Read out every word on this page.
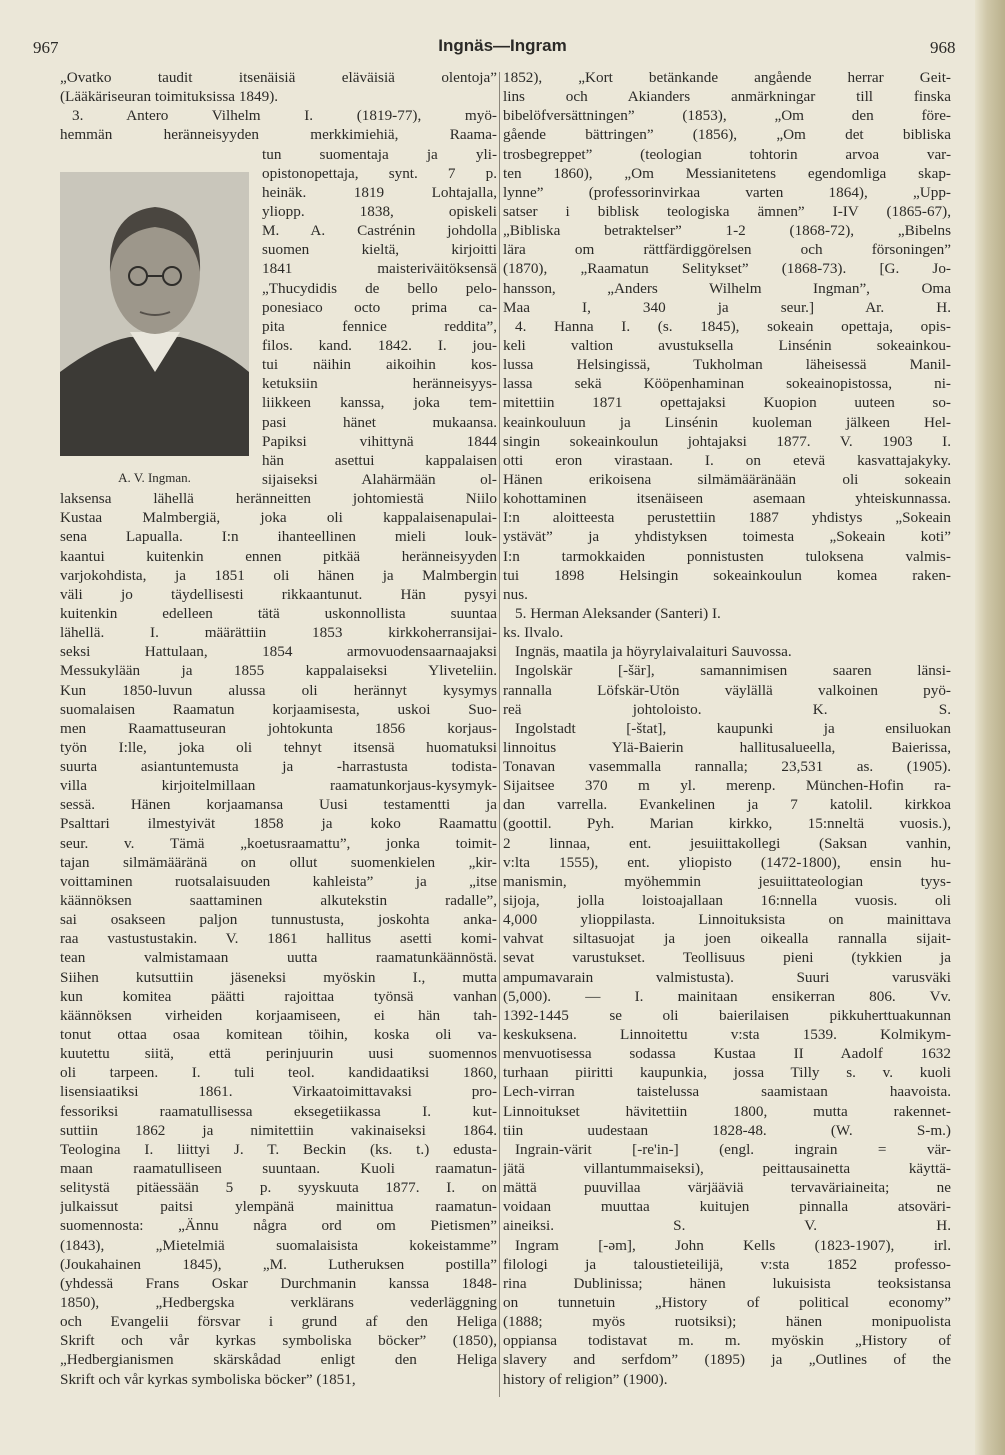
967	Ingnäs—Ingram	968
A. V. Ingman.
„Ovatko taudit itsenäisiä eläväisiä olentoja”
(Lääkäriseuran toimituksissa 1849).
3. Antero Vilhelm I. (1819-77), myö-
hemmän heränneisyyden merkkimiehiä, Raama-
tun suomentaja ja yli-
opistonopettaja, synt. 7 p.
heinäk. 1819 Lohtajalla,
yliopp. 1838, opiskeli
M. A. Castrénin johdolla
suomen kieltä, kirjoitti
1841 maisteriväitöksensä
„Thucydidis de bello pelo-
ponesiaco octo prima ca-
pita fennice reddita”,
filos. kand. 1842. I. jou-
tui näihin aikoihin kos-
ketuksiin heränneisyys-
liikkeen kanssa, joka tem-
pasi hänet mukaansa.
Papiksi vihittynä 1844
hän asettui kappalaisen
sijaiseksi Alahärmään ol-
laksensa lähellä heränneitten johtomiestä Niilo
Kustaa Malmbergiä, joka oli kappalaisenapulai-
sena Lapualla. I:n ihanteellinen mieli louk-
kaantui kuitenkin ennen pitkää heränneisyyden
varjokohdista, ja 1851 oli hänen ja Malmbergin
väli jo täydellisesti rikkaantunut. Hän pysyi
kuitenkin edelleen tätä uskonnollista suuntaa
lähellä. I. määrättiin 1853 kirkkoherransijai-
seksi Hattulaan, 1854 armovuodensaarnaajaksi
Messukylään ja 1855 kappalaiseksi Yliveteliin.
Kun 1850-luvun alussa oli herännyt kysymys
suomalaisen Raamatun korjaamisesta, uskoi Suo-
men Raamattuseuran johtokunta 1856 korjaus-
työn I:lle, joka oli tehnyt itsensä huomatuksi
suurta asiantuntemusta ja -harrastusta todista-
villa kirjoitelmillaan raamatunkorjaus-kysymyk-
sessä. Hänen korjaamansa Uusi testamentti ja
Psalttari ilmestyivät 1858 ja koko Raamattu
seur. v. Tämä „koetusraamattu”, jonka toimit-
tajan silmämääränä on ollut suomenkielen „kir-
voittaminen ruotsalaisuuden kahleista” ja „itse
käännöksen saattaminen alkutekstin radalle”,
sai osakseen paljon tunnustusta, joskohta anka-
raa vastustustakin. V. 1861 hallitus asetti komi-
tean valmistamaan uutta raamatunkäännöstä.
Siihen kutsuttiin jäseneksi myöskin I., mutta
kun komitea päätti rajoittaa työnsä vanhan
käännöksen virheiden korjaamiseen, ei hän tah-
tonut ottaa osaa komitean töihin, koska oli va-
kuutettu siitä, että perinjuurin uusi suomennos
oli tarpeen. I. tuli teol. kandidaatiksi 1860,
lisensiaatiksi 1861. Virkaatoimittavaksi pro-
fessoriksi raamatullisessa eksegetiikassa I. kut-
suttiin 1862 ja nimitettiin vakinaiseksi 1864.
Teologina I. liittyi J. T. Beckin (ks. t.) edusta-
maan raamatulliseen suuntaan. Kuoli raamatun-
selitystä pitäessään 5 p. syyskuuta 1877. I. on
julkaissut paitsi ylempänä mainittua raamatun-
suomennosta: „Ännu några ord om Pietismen”
(1843), „Mietelmiä suomalaisista kokeistamme”
(Joukahainen 1845), „M. Lutheruksen postilla”
(yhdessä Frans Oskar Durchmanin kanssa 1848-
1850), „Hedbergska verklärans vederläggning
och Evangelii försvar i grund af den Heliga
Skrift och vår kyrkas symboliska böcker” (1850),
„Hedbergianismen skärskådad enligt den Heliga
Skrift och vår kyrkas symboliska böcker” (1851,
1852), „Kort betänkande angående herrar Geit-
lins och Akianders anmärkningar till finska
bibelöfversättningen” (1853), „Om den före-
gående bättringen” (1856), „Om det bibliska
trosbegreppet” (teologian tohtorin arvoa var-
ten 1860), „Om Messianitetens egendomliga skap-
lynne” (professorinvirkaa varten 1864), „Upp-
satser i biblisk teologiska ämnen” I-IV (1865-67),
„Bibliska betraktelser” 1-2 (1868-72), „Bibelns
lära om rättfärdiggörelsen och försoningen”
(1870), „Raamatun Selitykset” (1868-73). [G. Jo-
hansson, „Anders Wilhelm Ingman”, Oma
Maa I, 340 ja seur.] Ar. H.
4. Hanna I. (s. 1845), sokeain opettaja, opis-
keli valtion avustuksella Linsénin sokeainkou-
lussa Helsingissä, Tukholman läheisessä Manil-
lassa sekä Kööpenhaminan sokeainopistossa, ni-
mitettiin 1871 opettajaksi Kuopion uuteen so-
keainkouluun ja Linsénin kuoleman jälkeen Hel-
singin sokeainkoulun johtajaksi 1877. V. 1903 I.
otti eron virastaan. I. on etevä kasvattajakyky.
Hänen erikoisena silmämääränään oli sokeain
kohottaminen itsenäiseen asemaan yhteiskunnassa.
I:n aloitteesta perustettiin 1887 yhdistys „Sokeain
ystävät” ja yhdistyksen toimesta „Sokeain koti”
I:n tarmokkaiden ponnistusten tuloksena valmis-
tui 1898 Helsingin sokeainkoulun komea raken-
nus.
5. Herman Aleksander (Santeri) I.
ks. Ilvalo.
Ingnäs, maatila ja höyrylaivalaituri Sauvossa.
Ingolskär [-šär], samannimisen saaren länsi-
rannalla Löfskär-Utön väylällä valkoinen pyö-
reä johtoloisto. K. S.
Ingolstadt [-štat], kaupunki ja ensiluokan
linnoitus Ylä-Baierin hallitusalueella, Baierissa,
Tonavan vasemmalla rannalla; 23,531 as. (1905).
Sijaitsee 370 m yl. merenp. München-Hofin ra-
dan varrella. Evankelinen ja 7 katolil. kirkkoa
(goottil. Pyh. Marian kirkko, 15:nneltä vuosis.),
2 linnaa, ent. jesuiittakollegi (Saksan vanhin,
v:lta 1555), ent. yliopisto (1472-1800), ensin hu-
manismin, myöhemmin jesuiittateologian tyys-
sijoja, jolla loistoajallaan 16:nnella vuosis. oli
4,000 ylioppilasta. Linnoituksista on mainittava
vahvat siltasuojat ja joen oikealla rannalla sijait-
sevat varustukset. Teollisuus pieni (tykkien ja
ampumavarain valmistusta). Suuri varusväki
(5,000). — I. mainitaan ensikerran 806. Vv.
1392-1445 se oli baierilaisen pikkuherttuakunnan
keskuksena. Linnoitettu v:sta 1539. Kolmikym-
menvuotisessa sodassa Kustaa II Aadolf 1632
turhaan piiritti kaupunkia, jossa Tilly s. v. kuoli
Lech-virran taistelussa saamistaan haavoista.
Linnoitukset hävitettiin 1800, mutta rakennet-
tiin uudestaan 1828-48. (W. S-m.)
Ingrain-värit [-re'in-] (engl. ingrain = vär-
jätä villantummaiseksi), peittausainetta käyttä-
mättä puuvillaa värjääviä tervaväriaineita; ne
voidaan muuttaa kuitujen pinnalla atsoväri-
aineiksi. S. V. H.
Ingram [-əm], John Kells (1823-1907), irl.
filologi ja taloustieteilijä, v:sta 1852 professo-
rina Dublinissa; hänen lukuisista teoksistansa
on tunnetuin „History of political economy”
(1888; myös ruotsiksi); hänen monipuolista
oppiansa todistavat m. m. myöskin „History of
slavery and serfdom” (1895) ja „Outlines of the
history of religion” (1900).
